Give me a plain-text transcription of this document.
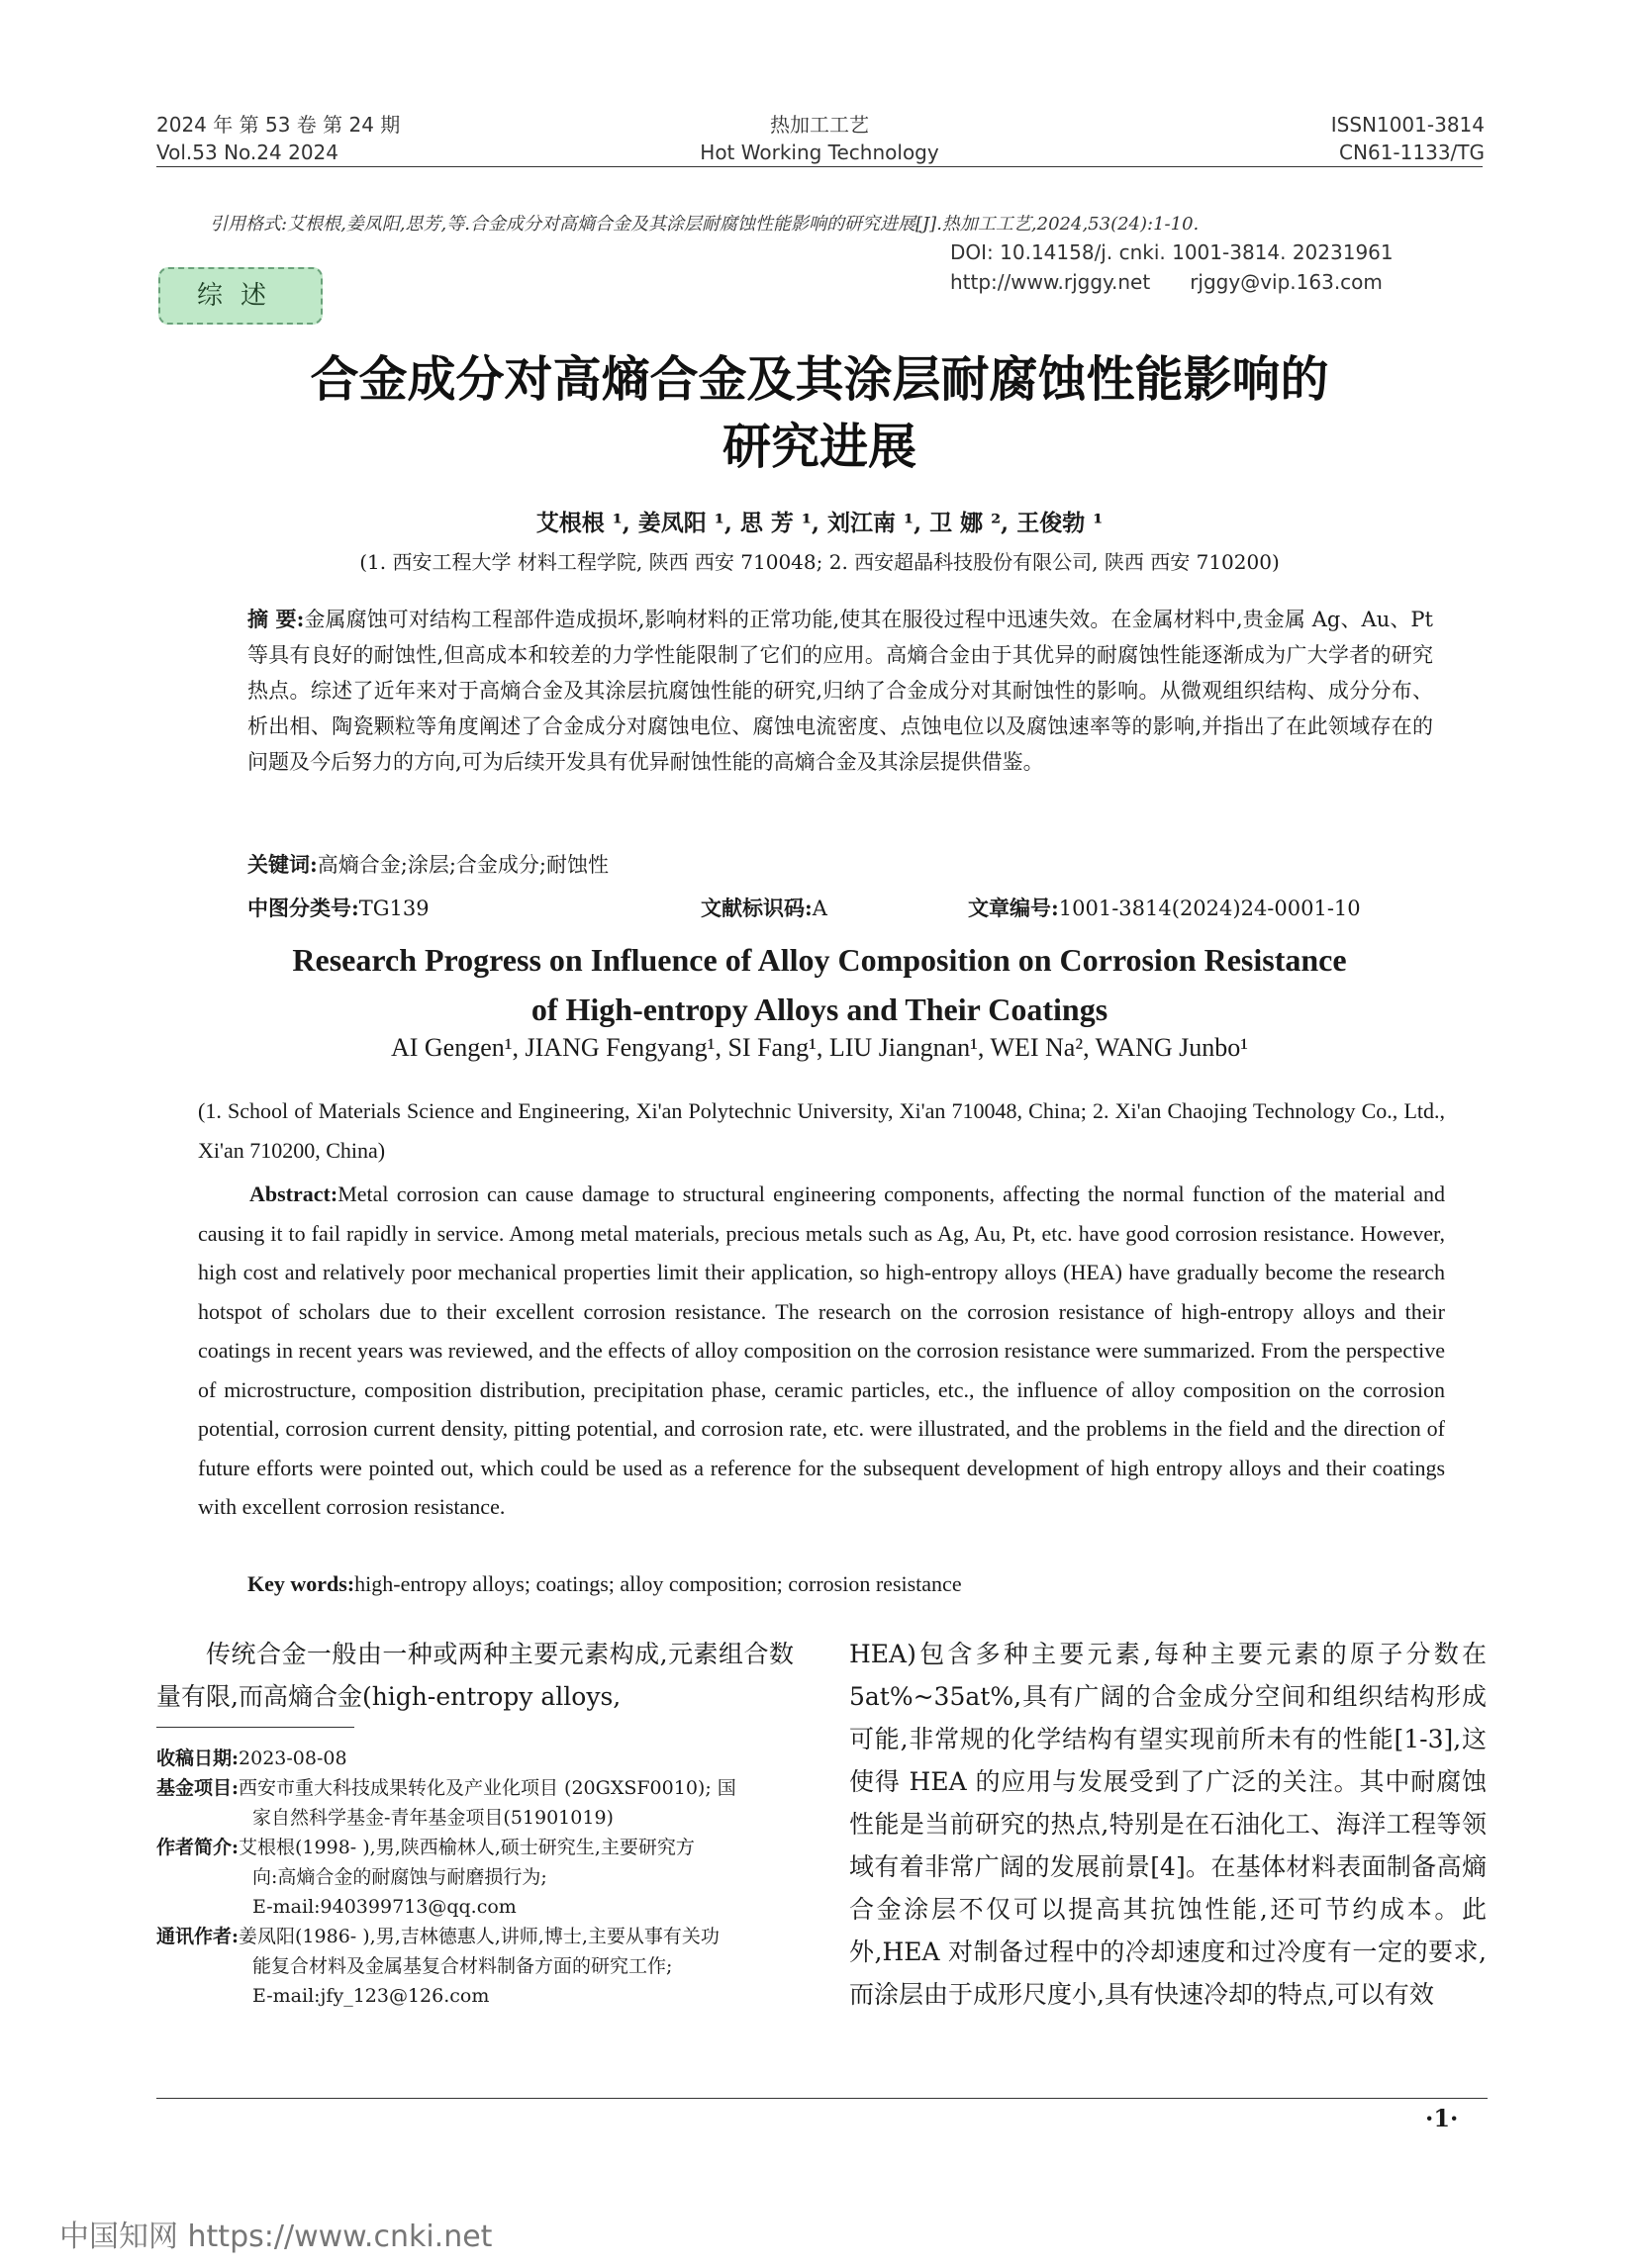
2024 年 第 53 卷 第 24 期
Vol.53 No.24 2024
热加工工艺
Hot Working Technology
ISSN1001-3814
CN61-1133/TG
引用格式:艾根根,姜凤阳,思芳,等.合金成分对高熵合金及其涂层耐腐蚀性能影响的研究进展[J].热加工工艺,2024,53(24):1-10.
DOI: 10.14158/j. cnki. 1001-3814. 20231961
http://www.rjggy.net rjggy@vip.163.com
综述
合金成分对高熵合金及其涂层耐腐蚀性能影响的
研究进展
艾根根 ¹, 姜凤阳 ¹, 思 芳 ¹, 刘江南 ¹, 卫 娜 ², 王俊勃 ¹
(1. 西安工程大学 材料工程学院, 陕西 西安 710048; 2. 西安超晶科技股份有限公司, 陕西 西安 710200)
摘 要:金属腐蚀可对结构工程部件造成损坏,影响材料的正常功能,使其在服役过程中迅速失效。在金属材料中,贵金属 Ag、Au、Pt 等具有良好的耐蚀性,但高成本和较差的力学性能限制了它们的应用。高熵合金由于其优异的耐腐蚀性能逐渐成为广大学者的研究热点。综述了近年来对于高熵合金及其涂层抗腐蚀性能的研究,归纳了合金成分对其耐蚀性的影响。从微观组织结构、成分分布、析出相、陶瓷颗粒等角度阐述了合金成分对腐蚀电位、腐蚀电流密度、点蚀电位以及腐蚀速率等的影响,并指出了在此领域存在的问题及今后努力的方向,可为后续开发具有优异耐蚀性能的高熵合金及其涂层提供借鉴。
关键词:高熵合金;涂层;合金成分;耐蚀性
中图分类号:TG139	文献标识码:A	文章编号:1001-3814(2024)24-0001-10
Research Progress on Influence of Alloy Composition on Corrosion Resistance
of High-entropy Alloys and Their Coatings
AI Gengen¹, JIANG Fengyang¹, SI Fang¹, LIU Jiangnan¹, WEI Na², WANG Junbo¹
(1. School of Materials Science and Engineering, Xi'an Polytechnic University, Xi'an 710048, China; 2. Xi'an Chaojing Technology Co., Ltd., Xi'an 710200, China)
Abstract:Metal corrosion can cause damage to structural engineering components, affecting the normal function of the material and causing it to fail rapidly in service. Among metal materials, precious metals such as Ag, Au, Pt, etc. have good corrosion resistance. However, high cost and relatively poor mechanical properties limit their application, so high-entropy alloys (HEA) have gradually become the research hotspot of scholars due to their excellent corrosion resistance. The research on the corrosion resistance of high-entropy alloys and their coatings in recent years was reviewed, and the effects of alloy composition on the corrosion resistance were summarized. From the perspective of microstructure, composition distribution, precipitation phase, ceramic particles, etc., the influence of alloy composition on the corrosion potential, corrosion current density, pitting potential, and corrosion rate, etc. were illustrated, and the problems in the field and the direction of future efforts were pointed out, which could be used as a reference for the subsequent development of high entropy alloys and their coatings with excellent corrosion resistance.
Key words:high-entropy alloys; coatings; alloy composition; corrosion resistance
传统合金一般由一种或两种主要元素构成,元素组合数量有限,而高熵合金(high-entropy alloys,
HEA)包含多种主要元素,每种主要元素的原子分数在 5at%~35at%,具有广阔的合金成分空间和组织结构形成可能,非常规的化学结构有望实现前所未有的性能[1-3],这使得 HEA 的应用与发展受到了广泛的关注。其中耐腐蚀性能是当前研究的热点,特别是在石油化工、海洋工程等领域有着非常广阔的发展前景[4]。在基体材料表面制备高熵合金涂层不仅可以提高其抗蚀性能,还可节约成本。此外,HEA 对制备过程中的冷却速度和过冷度有一定的要求,而涂层由于成形尺度小,具有快速冷却的特点,可以有效
收稿日期:2023-08-08
基金项目:西安市重大科技成果转化及产业化项目 (20GXSF0010); 国
家自然科学基金-青年基金项目(51901019)
作者简介:艾根根(1998- ),男,陕西榆林人,硕士研究生,主要研究方
向:高熵合金的耐腐蚀与耐磨损行为;
E-mail:940399713@qq.com
通讯作者:姜凤阳(1986- ),男,吉林德惠人,讲师,博士,主要从事有关功
能复合材料及金属基复合材料制备方面的研究工作;
E-mail:jfy_123@126.com
·1·
中国知网 https://www.cnki.net
